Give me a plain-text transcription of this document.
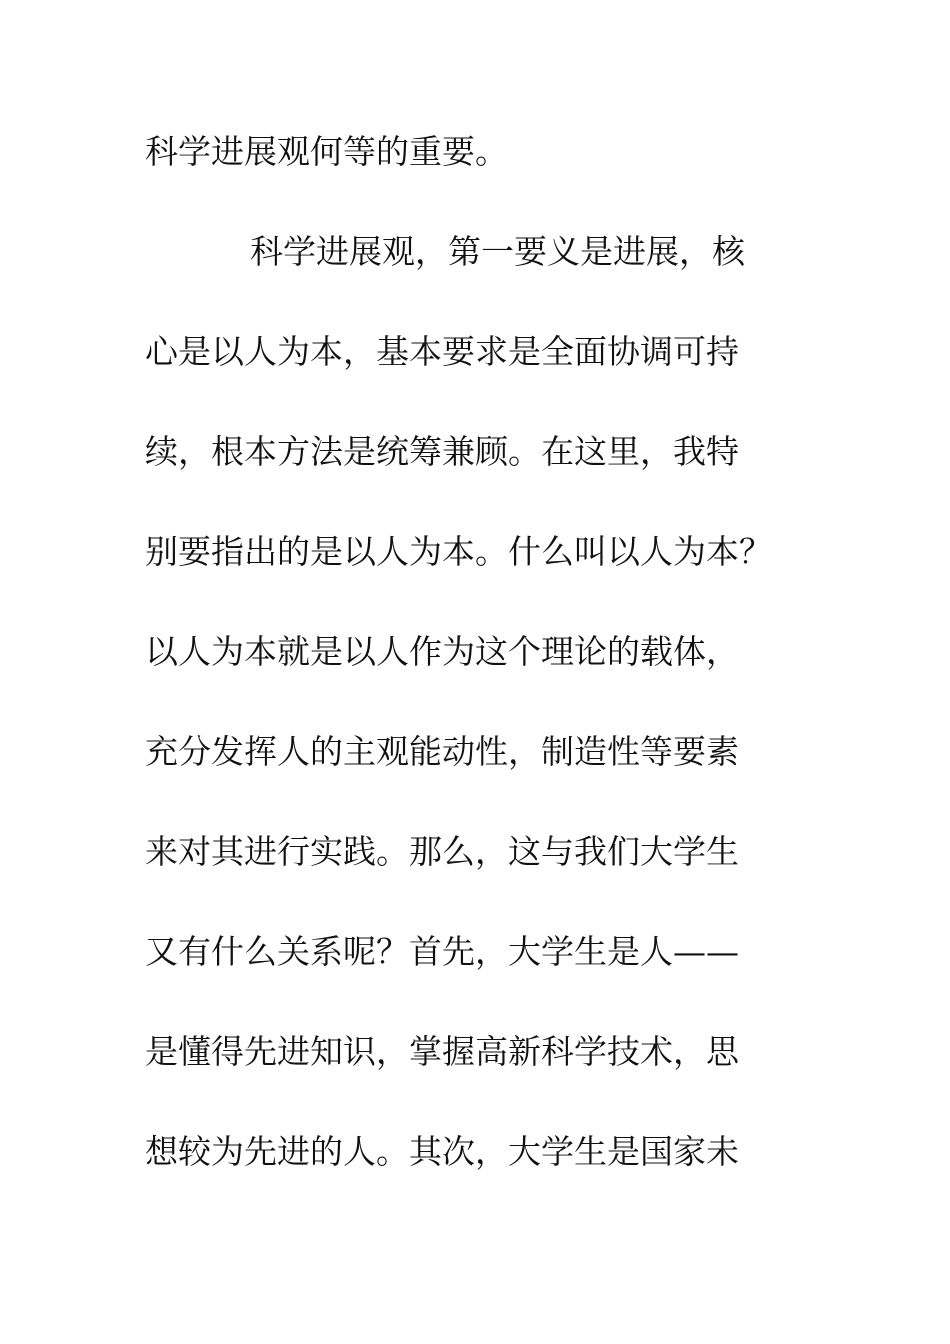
科学进展观何等的重要。
科学进展观，第一要义是进展，核
心是以人为本，基本要求是全面协调可持
续，根本方法是统筹兼顾。在这里，我特
别要指出的是以人为本。什么叫以人为本？
以人为本就是以人作为这个理论的载体，
充分发挥人的主观能动性，制造性等要素
来对其进行实践。那么，这与我们大学生
又有什么关系呢？首先，大学生是人——
是懂得先进知识，掌握高新科学技术，思
想较为先进的人。其次，大学生是国家未
